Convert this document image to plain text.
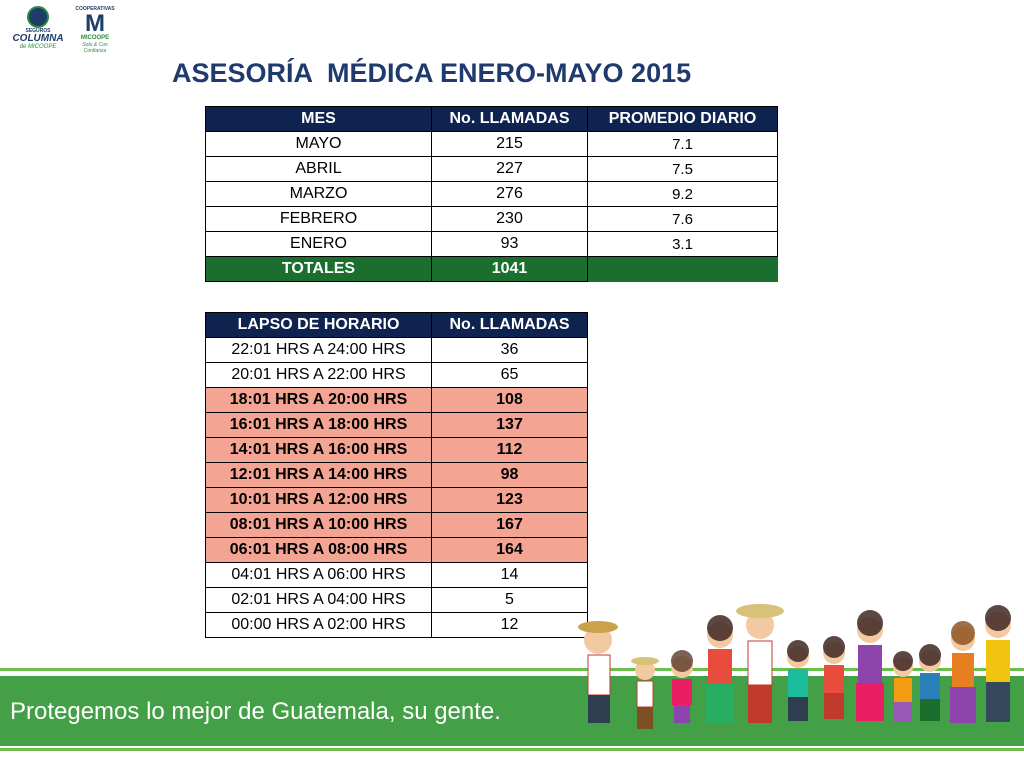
SEGUROS
COLUMNA
de MICOOPE
COOPERATIVAS
M
MICOOPE
Solo & Con Confianza
ASESORÍA  MÉDICA ENERO-MAYO 2015
MES	No. LLAMADAS	PROMEDIO DIARIO
MAYO	215	7.1
ABRIL	227	7.5
MARZO	276	9.2
FEBRERO	230	7.6
ENERO	93	3.1
TOTALES	1041	
LAPSO DE HORARIO	No. LLAMADAS
22:01 HRS A 24:00 HRS	36
20:01 HRS A 22:00 HRS	65
18:01 HRS A 20:00 HRS	108
16:01 HRS A 18:00 HRS	137
14:01 HRS A 16:00 HRS	112
12:01 HRS A 14:00 HRS	98
10:01 HRS A 12:00 HRS	123
08:01 HRS A 10:00 HRS	167
06:01 HRS A 08:00 HRS	164
04:01 HRS A 06:00 HRS	14
02:01 HRS A 04:00 HRS	5
00:00 HRS A 02:00 HRS	12
Protegemos lo mejor de Guatemala, su gente.
